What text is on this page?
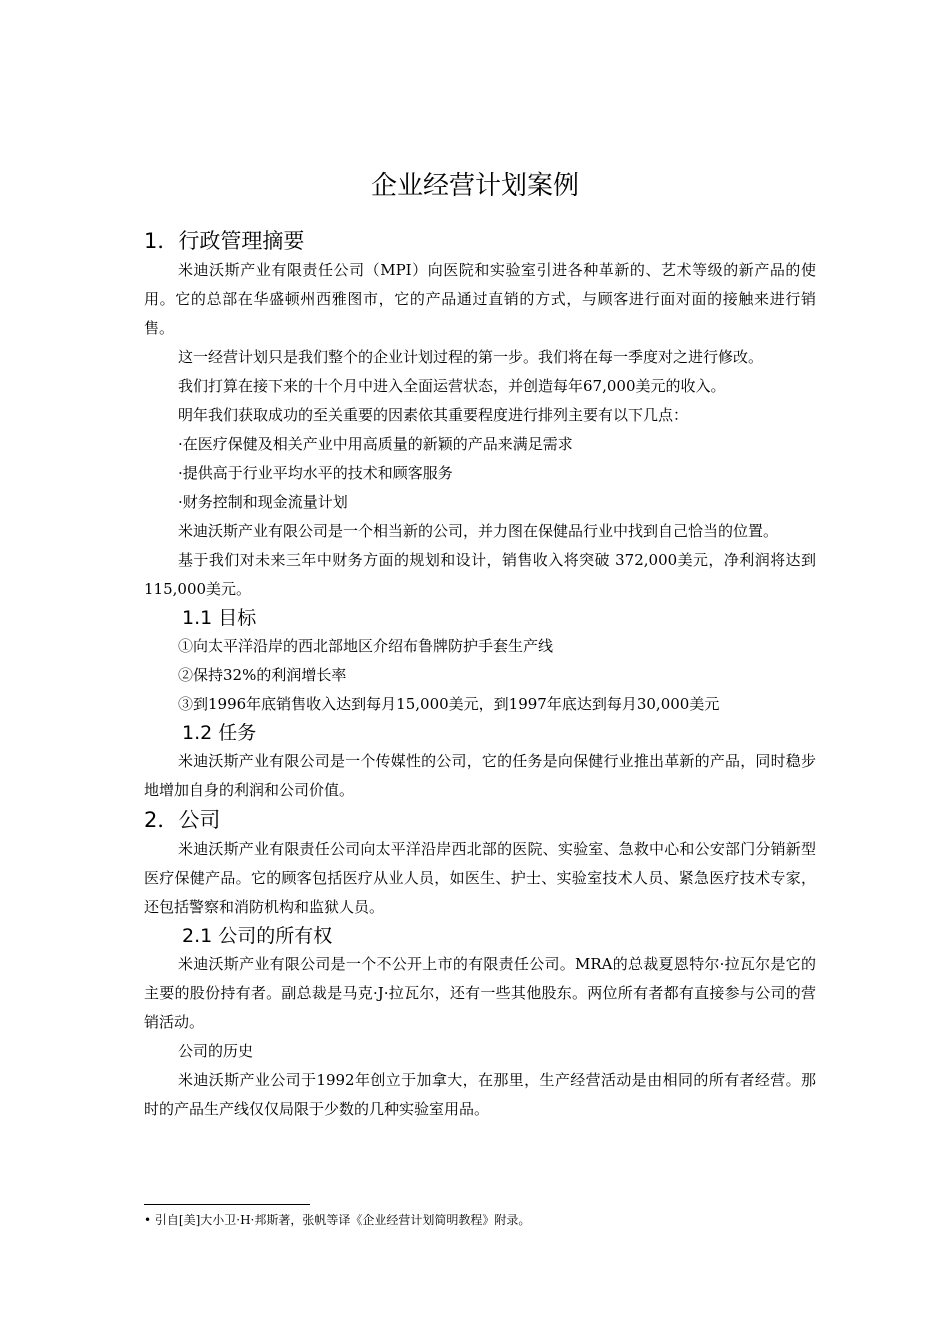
企业经营计划案例
1．行政管理摘要

米迪沃斯产业有限责任公司（MPI）向医院和实验室引进各种革新的、艺术等级的新产品的使用。它的总部在华盛顿州西雅图市，它的产品通过直销的方式，与顾客进行面对面的接触来进行销售。

这一经营计划只是我们整个的企业计划过程的第一步。我们将在每一季度对之进行修改。

我们打算在接下来的十个月中进入全面运营状态，并创造每年67,000美元的收入。

明年我们获取成功的至关重要的因素依其重要程度进行排列主要有以下几点：

·在医疗保健及相关产业中用高质量的新颖的产品来满足需求

·提供高于行业平均水平的技术和顾客服务

·财务控制和现金流量计划

米迪沃斯产业有限公司是一个相当新的公司，并力图在保健品行业中找到自己恰当的位置。

基于我们对未来三年中财务方面的规划和设计，销售收入将突破 372,000美元，净利润将达到115,000美元。

1.1 目标

①向太平洋沿岸的西北部地区介绍布鲁牌防护手套生产线

②保持32%的利润增长率

③到1996年底销售收入达到每月15,000美元，到1997年底达到每月30,000美元

1.2 任务

米迪沃斯产业有限公司是一个传媒性的公司，它的任务是向保健行业推出革新的产品，同时稳步地增加自身的利润和公司价值。

2．公司

米迪沃斯产业有限责任公司向太平洋沿岸西北部的医院、实验室、急救中心和公安部门分销新型医疗保健产品。它的顾客包括医疗从业人员，如医生、护士、实验室技术人员、紧急医疗技术专家，还包括警察和消防机构和监狱人员。

2.1 公司的所有权

米迪沃斯产业有限公司是一个不公开上市的有限责任公司。MRA的总裁夏恩特尔·拉瓦尔是它的主要的股份持有者。副总裁是马克·J·拉瓦尔，还有一些其他股东。两位所有者都有直接参与公司的营销活动。

公司的历史

米迪沃斯产业公司于1992年创立于加拿大，在那里，生产经营活动是由相同的所有者经营。那时的产品生产线仅仅局限于少数的几种实验室用品。

• 引自[美]大小卫·H·邦斯著，张帆等译《企业经营计划简明教程》附录。
